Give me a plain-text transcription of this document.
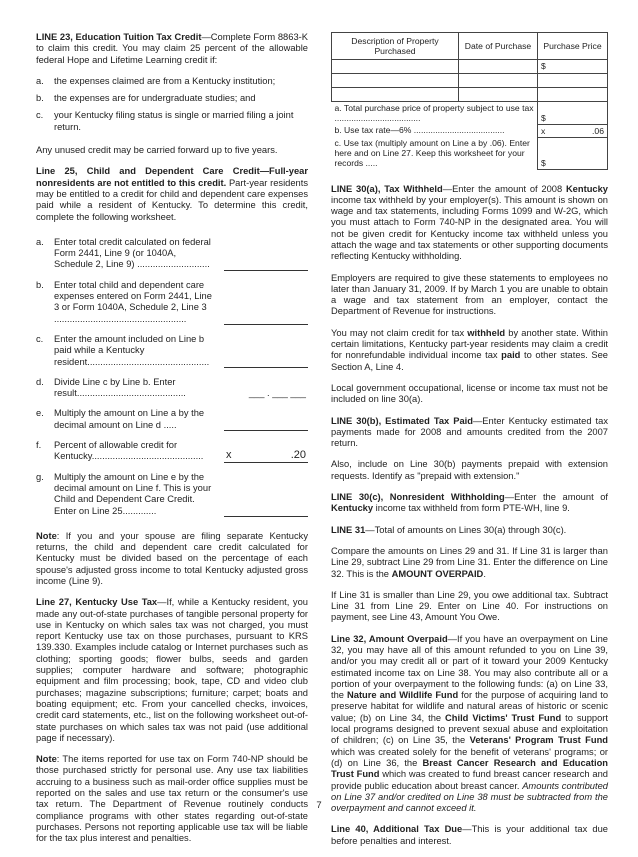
LINE 23, Education Tuition Tax Credit—Complete Form 8863-K to claim this credit. You may claim 25 percent of the allowable federal Hope and Lifetime Learning credit if:

a.	the expenses claimed are from a Kentucky institution;
b.	the expenses are for undergraduate studies; and
c.	your Kentucky filing status is single or married filing a joint return.

Any unused credit may be carried forward up to five years.

Line 25, Child and Dependent Care Credit—Full-year nonresidents are not entitled to this credit. Part-year residents may be entitled to a credit for child and dependent care expenses paid while a resident of Kentucky. To determine this credit, complete the following worksheet.

a.	Enter total credit calculated on federal Form 2441, Line 9 (or 1040A, Schedule 2, Line 9) ............................
b.	Enter total child and dependent care expenses entered on Form 2441, Line 3 or Form 1040A, Schedule 2, Line 3 ...................................................
c.	Enter the amount included on Line b paid while a Kentucky resident...............................................
d.	Divide Line c by Line b. Enter result..........................................	___ . ___ ___
e.	Multiply the amount on Line a by the decimal amount on Line d .....
f.	Percent of allowable credit for Kentucky...........................................	x	.20
g.	Multiply the amount on Line e by the decimal amount on Line f. This is your Child and Dependent Care Credit. Enter on Line 25.............

Note: If you and your spouse are filing separate Kentucky returns, the child and dependent care credit calculated for Kentucky must be divided based on the percentage of each spouse's adjusted gross income to total Kentucky adjusted gross income (Line 9).

Line 27, Kentucky Use Tax—If, while a Kentucky resident, you made any out-of-state purchases of tangible personal property for use in Kentucky on which sales tax was not charged, you must report Kentucky use tax on those purchases, pursuant to KRS 139.330. Examples include catalog or Internet purchases such as clothing; sporting goods; flower bulbs, seeds and garden supplies; computer hardware and software; photographic equipment and film processing; book, tape, CD and video club purchases; magazine subscriptions; furniture; carpet; boats and boating equipment; etc. From your cancelled checks, invoices, credit card statements, etc., list on the following worksheet out-of-state purchases on which sales tax was not paid (use additional page if necessary).

Note: The items reported for use tax on Form 740-NP should be those purchased strictly for personal use. Any use tax liabilities accruing to a business such as mail-order office supplies must be reported on the sales and use tax return or the consumer's use tax return. The Department of Revenue routinely conducts compliance programs with other states regarding out-of-state purchases. Persons not reporting applicable use tax will be liable for the tax plus interest and penalties.

Description of Property Purchased	Date of Purchase	Purchase Price
		$

a. Total purchase price of property subject to use tax ....................................		$
b. Use tax rate—6% ......................................		x .06

c. Use tax (multiply amount on Line a by .06). Enter here and on Line 27. Keep this worksheet for your records .....		$

LINE 30(a), Tax Withheld—Enter the amount of 2008 Kentucky income tax withheld by your employer(s). This amount is shown on wage and tax statements, including Forms 1099 and W-2G, which you must attach to Form 740-NP in the designated area. You will not be given credit for Kentucky income tax withheld unless you attach the wage and tax statements or other supporting documents reflecting Kentucky withholding.

Employers are required to give these statements to employees no later than January 31, 2009. If by March 1 you are unable to obtain a wage and tax statement from an employer, contact the Department of Revenue for instructions.

You may not claim credit for tax withheld by another state. Within certain limitations, Kentucky part-year residents may claim a credit for nonrefundable individual income tax paid to other states. See Section A, Line 4.

Local government occupational, license or income tax must not be included on line 30(a).

LINE 30(b), Estimated Tax Paid—Enter Kentucky estimated tax payments made for 2008 and amounts credited from the 2007 return.

Also, include on Line 30(b) payments prepaid with extension requests. Identify as "prepaid with extension."

LINE 30(c), Nonresident Withholding—Enter the amount of Kentucky income tax withheld from form PTE-WH, line 9.

LINE 31—Total of amounts on Lines 30(a) through 30(c).

Compare the amounts on Lines 29 and 31. If Line 31 is larger than Line 29, subtract Line 29 from Line 31. Enter the difference on Line 32. This is the AMOUNT OVERPAID.

If Line 31 is smaller than Line 29, you owe additional tax. Subtract Line 31 from Line 29. Enter on Line 40. For instructions on payment, see Line 43, Amount You Owe.

Line 32, Amount Overpaid—If you have an overpayment on Line 32, you may have all of this amount refunded to you on Line 39, and/or you may credit all or part of it toward your 2009 Kentucky estimated income tax on Line 38. You may also contribute all or a portion of your overpayment to the following funds: (a) on Line 33, the Nature and Wildlife Fund for the purpose of acquiring land to preserve habitat for wildlife and natural areas of historic or scenic value; (b) on Line 34, the Child Victims' Trust Fund to support local programs designed to prevent sexual abuse and exploitation of children; (c) on Line 35, the Veterans' Program Trust Fund which was created solely for the benefit of veterans' programs; or (d) on Line 36, the Breast Cancer Research and Education Trust Fund which was created to fund breast cancer research and provide public education about breast cancer. Amounts contributed on Line 37 and/or credited on Line 38 must be subtracted from the overpayment and cannot exceed it.

Line 40, Additional Tax Due—This is your additional tax due before penalties and interest.

7
